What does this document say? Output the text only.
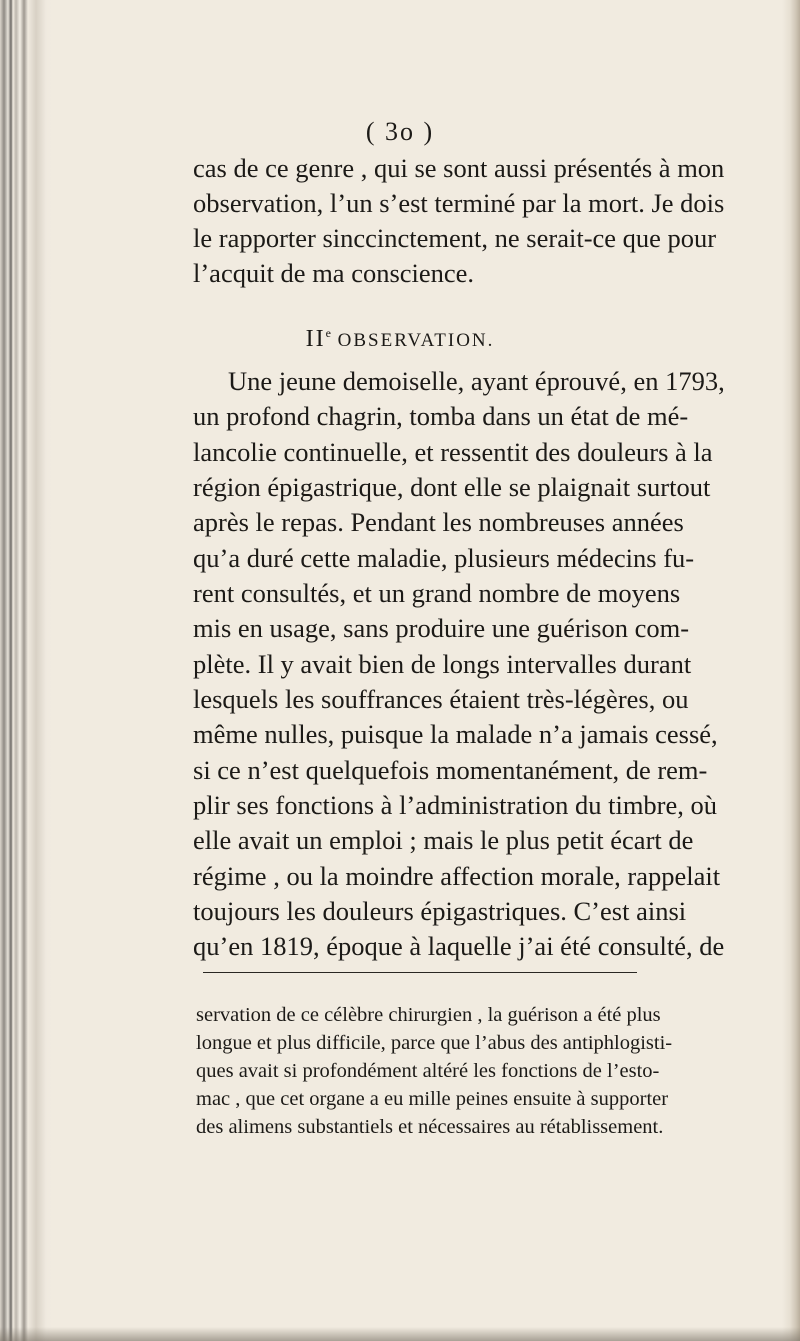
( 3o )
cas de ce genre , qui se sont aussi présentés à mon
observation, l’un s’est terminé par la mort. Je dois
le rapporter sinccinctement, ne serait-ce que pour
l’acquit de ma conscience.
IIe OBSERVATION.
Une jeune demoiselle, ayant éprouvé, en 1793,
un profond chagrin, tomba dans un état de mé-
lancolie continuelle, et ressentit des douleurs à la
région épigastrique, dont elle se plaignait surtout
après le repas. Pendant les nombreuses années
qu’a duré cette maladie, plusieurs médecins fu-
rent consultés, et un grand nombre de moyens
mis en usage, sans produire une guérison com-
plète. Il y avait bien de longs intervalles durant
lesquels les souffrances étaient très-légères, ou
même nulles, puisque la malade n’a jamais cessé,
si ce n’est quelquefois momentanément, de rem-
plir ses fonctions à l’administration du timbre, où
elle avait un emploi ; mais le plus petit écart de
régime , ou la moindre affection morale, rappelait
toujours les douleurs épigastriques. C’est ainsi
qu’en 1819, époque à laquelle j’ai été consulté, de
servation de ce célèbre chirurgien , la guérison a été plus
longue et plus difficile, parce que l’abus des antiphlogisti-
ques avait si profondément altéré les fonctions de l’esto-
mac , que cet organe a eu mille peines ensuite à supporter
des alimens substantiels et nécessaires au rétablissement.
